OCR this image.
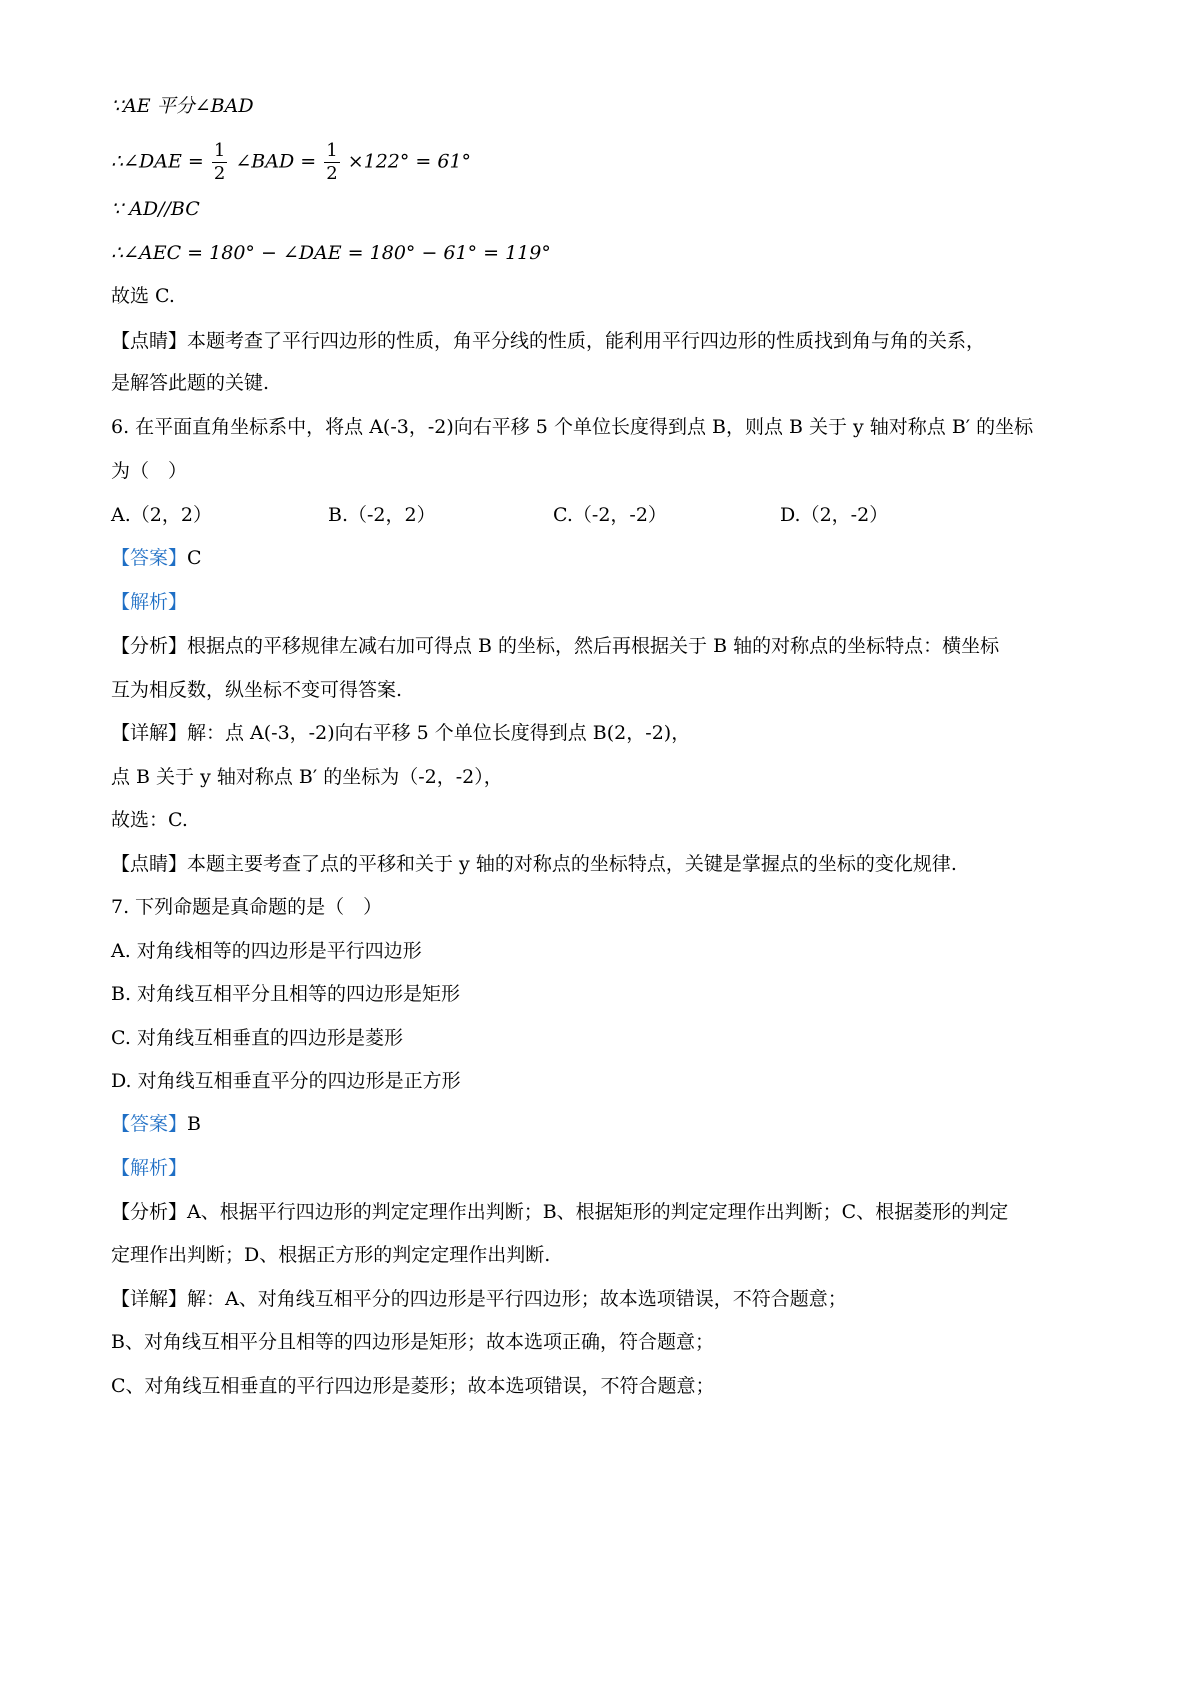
∵AE 平分∠BAD
∴∠DAE = $\frac{1}{2}$ ∠BAD = $\frac{1}{2} \times 122^\circ = 61^\circ$
∵ AD//BC
∴∠AEC = 180° − ∠DAE = 180° − 61° = 119°
故选 C.
【点睛】本题考查了平行四边形的性质，角平分线的性质，能利用平行四边形的性质找到角与角的关系，
是解答此题的关键.
6. 在平面直角坐标系中，将点 A(-3，-2)向右平移 5 个单位长度得到点 B，则点 B 关于 y 轴对称点 B′ 的坐标
为（　）
A.（2，2）	B.（-2，2）	C.（-2，-2）	D.（2，-2）
【答案】C
【解析】
【分析】根据点的平移规律左减右加可得点 B 的坐标，然后再根据关于 B 轴的对称点的坐标特点：横坐标
互为相反数，纵坐标不变可得答案.
【详解】解：点 A(-3，-2)向右平移 5 个单位长度得到点 B(2，-2)，
点 B 关于 y 轴对称点 B′ 的坐标为（-2，-2），
故选：C.
【点睛】本题主要考查了点的平移和关于 y 轴的对称点的坐标特点，关键是掌握点的坐标的变化规律.
7. 下列命题是真命题的是（　）
A. 对角线相等的四边形是平行四边形
B. 对角线互相平分且相等的四边形是矩形
C. 对角线互相垂直的四边形是菱形
D. 对角线互相垂直平分的四边形是正方形
【答案】B
【解析】
【分析】A、根据平行四边形的判定定理作出判断；B、根据矩形的判定定理作出判断；C、根据菱形的判定
定理作出判断；D、根据正方形的判定定理作出判断.
【详解】解：A、对角线互相平分的四边形是平行四边形；故本选项错误，不符合题意；
B、对角线互相平分且相等的四边形是矩形；故本选项正确，符合题意；
C、对角线互相垂直的平行四边形是菱形；故本选项错误，不符合题意；
